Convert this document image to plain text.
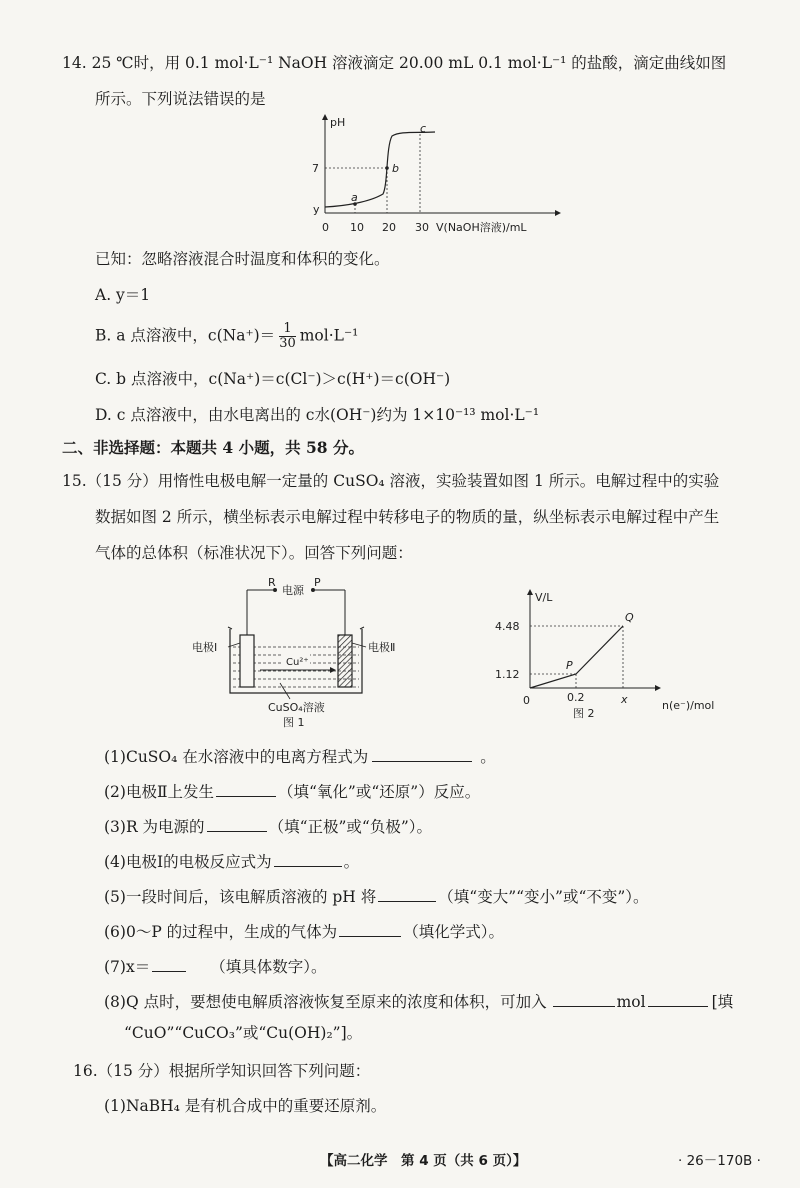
14. 25 ℃时，用 0.1 mol·L⁻¹ NaOH 溶液滴定 20.00 mL 0.1 mol·L⁻¹ 的盐酸，滴定曲线如图
所示。下列说法错误的是
pH
V(NaOH溶液)/mL
0 10 20 30
7
y
a
b
c
已知：忽略溶液混合时温度和体积的变化。
A. y＝1
B. a 点溶液中，$c(Na^+)= \frac{1}{30} mol\cdot L^{-1}$
C. b 点溶液中，c(Na⁺)＝c(Cl⁻)＞c(H⁺)＝c(OH⁻)
D. c 点溶液中，由水电离出的 c水(OH⁻)约为 1×10⁻¹³ mol·L⁻¹
二、非选择题：本题共 4 小题，共 58 分。
15.（15 分）用惰性电极电解一定量的 CuSO₄ 溶液，实验装置如图 1 所示。电解过程中的实验
数据如图 2 所示，横坐标表示电解过程中转移电子的物质的量，纵坐标表示电解过程中产生
气体的总体积（标准状况下）。回答下列问题：
R	P
电源
Cu²⁺
电极Ⅰ	电极Ⅱ
CuSO₄溶液
图 1
V/L
n(e⁻)/mol
0
4.48
1.12
0.2	x
P
Q
图 2
(1)CuSO₄ 在水溶液中的电离方程式为	。
(2)电极Ⅱ上发生	（填“氧化”或“还原”）反应。
(3)R 为电源的	（填“正极”或“负极”）。
(4)电极Ⅰ的电极反应式为	。
(5)一段时间后，该电解质溶液的 pH 将	（填“变大”“变小”或“不变”）。
(6)0～P 的过程中，生成的气体为	（填化学式）。
(7)x＝	（填具体数字）。
(8)Q 点时，要想使电解质溶液恢复至原来的浓度和体积，可加入	mol	[填
“CuO”“CuCO₃”或“Cu(OH)₂”]。
16.（15 分）根据所学知识回答下列问题：
(1)NaBH₄ 是有机合成中的重要还原剂。
【高二化学　第 4 页（共 6 页）】	· 26－170B ·
